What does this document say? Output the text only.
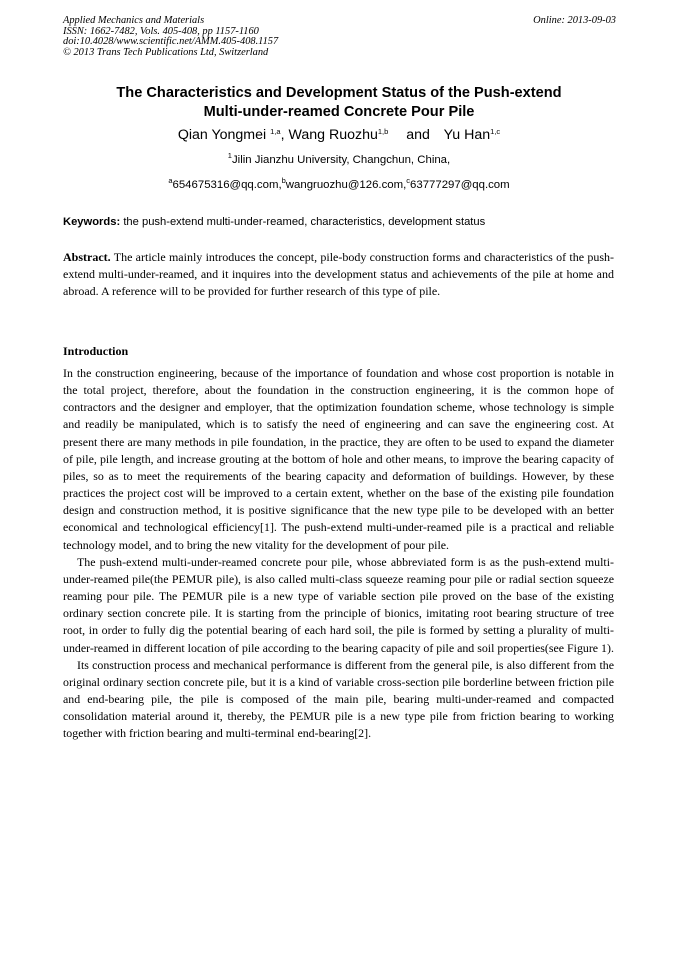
Applied Mechanics and Materials
ISSN: 1662-7482, Vols. 405-408, pp 1157-1160
doi:10.4028/www.scientific.net/AMM.405-408.1157
© 2013 Trans Tech Publications Ltd, Switzerland
Online: 2013-09-03
The Characteristics and Development Status of the Push-extend
Multi-under-reamed Concrete Pour Pile
Qian Yongmei $^{1,a}$, Wang Ruozhu$^{1,b}$ and Yu Han$^{1,c}$
$^1$Jilin Jianzhu University, Changchun, China,
$^a$654675316@qq.com,$^b$wangruozhu@126.com,$^c$63777297@qq.com
Keywords: the push-extend multi-under-reamed, characteristics, development status
Abstract. The article mainly introduces the concept, pile-body construction forms and characteristics of the push-extend multi-under-reamed, and it inquires into the development status and achievements of the pile at home and abroad. A reference will to be provided for further research of this type of pile.
Introduction

In the construction engineering, because of the importance of foundation and whose cost proportion is notable in the total project, therefore, about the foundation in the construction engineering, it is the common hope of contractors and the designer and employer, that the optimization foundation scheme, whose technology is simple and readily be manipulated, which is to satisfy the need of engineering and can save the engineering cost. At present there are many methods in pile foundation, in the practice, they are often to be used to expand the diameter of pile, pile length, and increase grouting at the bottom of hole and other means, to improve the bearing capacity of piles, so as to meet the requirements of the bearing capacity and deformation of buildings. However, by these practices the project cost will be improved to a certain extent, whether on the base of the existing pile foundation design and construction method, it is positive significance that the new type pile to be developed with an better economical and technological efficiency[1]. The push-extend multi-under-reamed pile is a practical and reliable technology model, and to bring the new vitality for the development of pour pile.

The push-extend multi-under-reamed concrete pour pile, whose abbreviated form is as the push-extend multi-under-reamed pile(the PEMUR pile), is also called multi-class squeeze reaming pour pile or radial section squeeze reaming pour pile. The PEMUR pile is a new type of variable section pile proved on the base of the existing ordinary section concrete pile. It is starting from the principle of bionics, imitating root bearing structure of tree root, in order to fully dig the potential bearing of each hard soil, the pile is formed by setting a plurality of multi-under-reamed in different location of pile according to the bearing capacity of pile and soil properties(see Figure 1).

Its construction process and mechanical performance is different from the general pile, is also different from the original ordinary section concrete pile, but it is a kind of variable cross-section pile borderline between friction pile and end-bearing pile, the pile is composed of the main pile, bearing multi-under-reamed and compacted consolidation material around it, thereby, the PEMUR pile is a new type pile from friction bearing to working together with friction bearing and multi-terminal end-bearing[2].
